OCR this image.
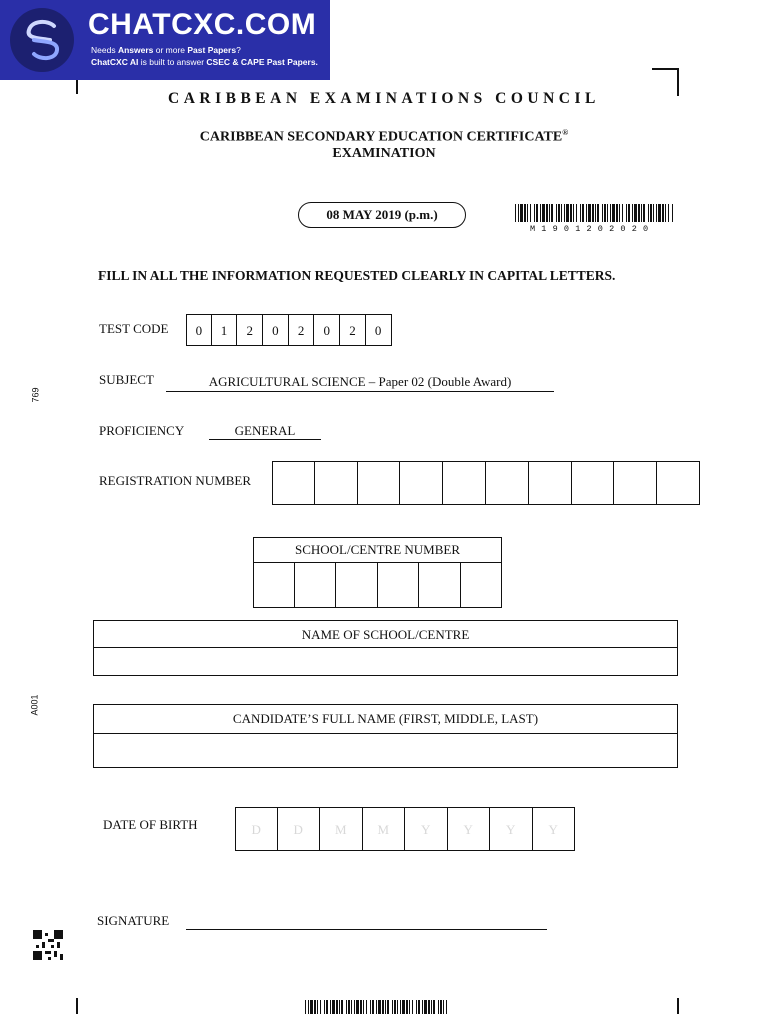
CHATCXC.COM
Needs Answers or more Past Papers?
ChatCXC AI is built to answer CSEC & CAPE Past Papers.
CARIBBEAN EXAMINATIONS COUNCIL
CARIBBEAN SECONDARY EDUCATION CERTIFICATE®
EXAMINATION
08 MAY 2019 (p.m.)
M1901202020
FILL IN ALL THE INFORMATION REQUESTED CLEARLY IN CAPITAL LETTERS.
TEST CODE	0	1	2	0	2	0	2	0
SUBJECT	AGRICULTURAL SCIENCE – Paper 02 (Double Award)
PROFICIENCY	GENERAL
REGISTRATION NUMBER
SCHOOL/CENTRE NUMBER
NAME OF SCHOOL/CENTRE
CANDIDATE’S FULL NAME (FIRST, MIDDLE, LAST)
DATE OF BIRTH	D	D	M	M	Y	Y	Y	Y
SIGNATURE
769
A001
